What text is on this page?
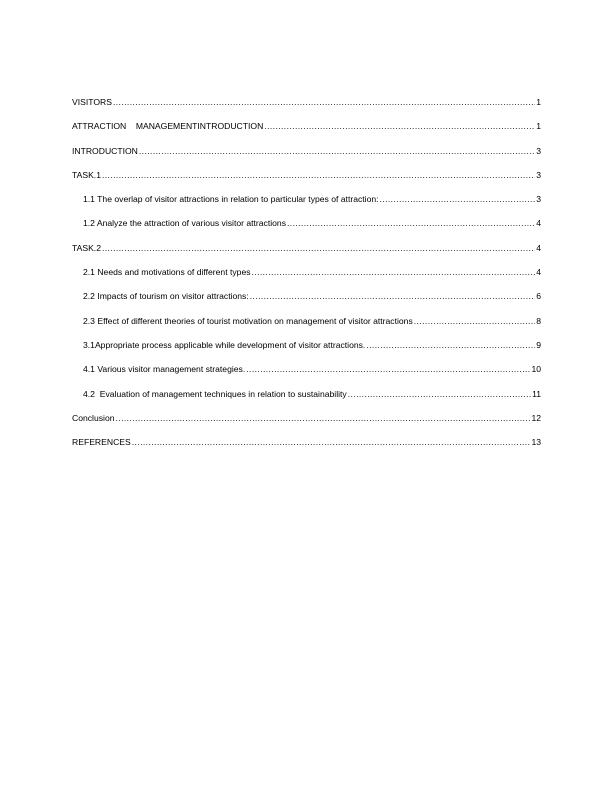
VISITORS .....	1
ATTRACTION    MANAGEMENTINTRODUCTION .....	1
INTRODUCTION .....	3
TASK.1 .....	3
1.1 The overlap of visitor attractions in relation to particular types of attraction: .....	3
1.2 Analyze the attraction of various visitor attractions .....	4
TASK.2 .....	4
2.1 Needs and motivations of different types .....	4
2.2 Impacts of tourism on visitor attractions: .....	6
2.3 Effect of different theories of tourist motivation on management of visitor attractions .....	8
3.1Appropriate process applicable while development of visitor attractions. .....	9
4.1 Various visitor management strategies. .....	10
4.2  Evaluation of management techniques in relation to sustainability .....	11
Conclusion .....	12
REFERENCES .....	13
